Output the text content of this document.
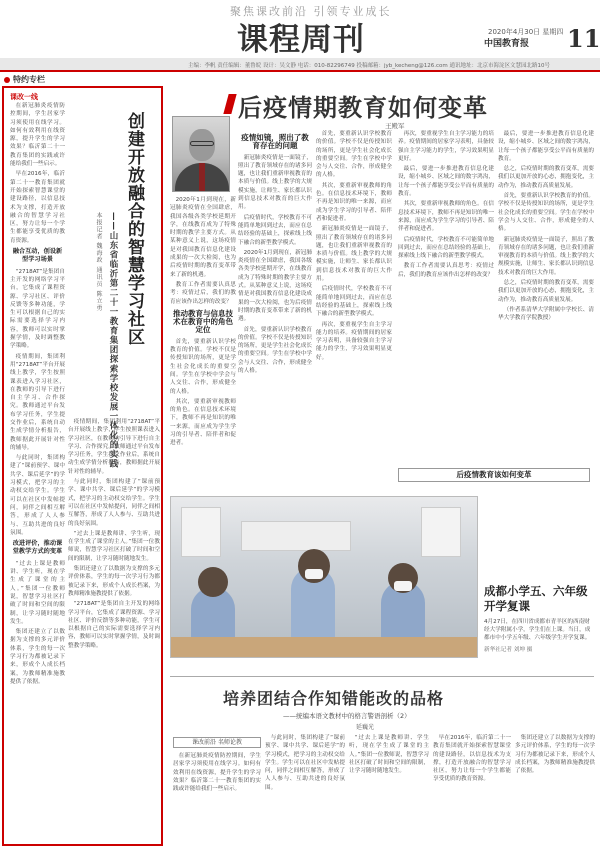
聚焦课改前沿 引领专业成长
课程周刊	2020年4月30日 星期四
中国教育报 11
主编：李帆 责任编辑：董鲁皖 设计：吴文静 电话：010-82296749 投稿邮箱：jyb_kecheng@126.com 通讯地址：北京市海淀区文慧园北路10号
特约专栏
课改一线

在新冠肺炎疫情防控期间，学生居家学习须使用在线学习。如何有效利用在线资源，提升学生的学习效果？临沂第二十一教育集团的实践或许能给我们一些启示。

早在2016年，临沂第二十一教育集团就开始探索智慧课堂的建设路径，以信息技术为支撑，打造开放融合的智慧学习社区，努力让每一个学生都能享受优质的教育资源。

融合互动，创设新型学习场景

“2718AT”是集团自主开发的网络学习平台，它集成了课程资源、学习社区、评价反馈等多种功能，学生可以根据自己的实际需要选择学习内容，教师可以实时掌握学情，及时调整教学策略。

疫情期间，集团利用“2718AT”平台开展线上教学，学生按照课表进入学习社区，在教师的引导下进行自主学习、合作探究。教师通过平台发布学习任务，学生提交作业后，系统自动生成学情分析报告，教师据此开展针对性的辅导。

与此同时，集团构建了“课前预学、课中共学、课后延学”的学习模式，把学习的主动权交给学生。学生可以在社区中发帖提问，同伴之间相互解答，形成了人人参与、互助共进的良好氛围。

改进评价，推动课堂教学方式的变革

“过去上课是教师讲、学生听，现在学生成了课堂的主人。”集团一位教师说，智慧学习社区打破了时间和空间的限制，让学习随时随地发生。

集团还建立了以数据为支撑的多元评价体系，学生的每一次学习行为都被记录下来，形成个人成长档案，为教师精准施教提供了依据。

创建开放融合的智慧学习社区
——山东省临沂第二十一教育集团探索学校发展一体化的实践
本报记者 魏海政 通讯员 陈立勇

疫情期间，集团利用“2718AT”平台开展线上教学，学生按照课表进入学习社区，在教师的引导下进行自主学习、合作探究。教师通过平台发布学习任务，学生提交作业后，系统自动生成学情分析报告，教师据此开展针对性的辅导。

与此同时，集团构建了“课前预学、课中共学、课后延学”的学习模式，把学习的主动权交给学生。学生可以在社区中发帖提问，同伴之间相互解答，形成了人人参与、互助共进的良好氛围。

“过去上课是教师讲、学生听，现在学生成了课堂的主人。”集团一位教师说，智慧学习社区打破了时间和空间的限制，让学习随时随地发生。

集团还建立了以数据为支撑的多元评价体系，学生的每一次学习行为都被记录下来，形成个人成长档案，为教师精准施教提供了依据。

“2718AT”是集团自主开发的网络学习平台，它集成了课程资源、学习社区、评价反馈等多种功能，学生可以根据自己的实际需要选择学习内容，教师可以实时掌握学情，及时调整教学策略。

后疫情期教育如何变革
王殿军

2020年1月到现在，新冠肺炎疫情在全国肆虐，我国各级各类学校延期开学，在线教育成为了特殊时期的教学主要方式。从某种意义上说，这场疫情是对我国教育信息化建设成果的一次大检阅，也为后疫情时期的教育变革带来了新的机遇。

教育工作者需要认真思考：疫情过后，我们的教育应该作出怎样的改变？

推动教育与信息技术在教育中的角色定位

首先，要重新认识学校教育的价值。学校不仅是传授知识的场所，更是学生社会化成长的重要空间。学生在学校中学会与人交往、合作，形成健全的人格。

其次，要重新审视教师的角色。在信息技术环境下，教师不再是知识的唯一来源，而应成为学生学习的引导者、陪伴者和促进者。

疫情如镜，照出了教育存在的问题

新冠肺炎疫情是一面镜子，照出了教育领域存在的诸多问题，也让我们重新审视教育的本质与价值。线上教学的大规模实施，让师生、家长都认识到信息技术对教育的巨大作用。

后疫情时代，学校教育不可能简单地回到过去，而应在总结经验的基础上，探索线上线下融合的新型教学模式。

2020年1月到现在，新冠肺炎疫情在全国肆虐，我国各级各类学校延期开学，在线教育成为了特殊时期的教学主要方式。从某种意义上说，这场疫情是对我国教育信息化建设成果的一次大检阅，也为后疫情时期的教育变革带来了新的机遇。

首先，要重新认识学校教育的价值。学校不仅是传授知识的场所，更是学生社会化成长的重要空间。学生在学校中学会与人交往、合作，形成健全的人格。

首先，要重新认识学校教育的价值。学校不仅是传授知识的场所，更是学生社会化成长的重要空间。学生在学校中学会与人交往、合作，形成健全的人格。

其次，要重新审视教师的角色。在信息技术环境下，教师不再是知识的唯一来源，而应成为学生学习的引导者、陪伴者和促进者。

新冠肺炎疫情是一面镜子，照出了教育领域存在的诸多问题，也让我们重新审视教育的本质与价值。线上教学的大规模实施，让师生、家长都认识到信息技术对教育的巨大作用。

后疫情时代，学校教育不可能简单地回到过去，而应在总结经验的基础上，探索线上线下融合的新型教学模式。

再次，要重视学生自主学习能力的培养。疫情期间的居家学习表明，具备较强自主学习能力的学生，学习效果明显更好。

再次，要重视学生自主学习能力的培养。疫情期间的居家学习表明，具备较强自主学习能力的学生，学习效果明显更好。

最后，要进一步推进教育信息化建设，缩小城乡、区域之间的数字鸿沟，让每一个孩子都能享受公平而有质量的教育。

其次，要重新审视教师的角色。在信息技术环境下，教师不再是知识的唯一来源，而应成为学生学习的引导者、陪伴者和促进者。

后疫情时代，学校教育不可能简单地回到过去，而应在总结经验的基础上，探索线上线下融合的新型教学模式。

教育工作者需要认真思考：疫情过后，我们的教育应该作出怎样的改变？

最后，要进一步推进教育信息化建设，缩小城乡、区域之间的数字鸿沟，让每一个孩子都能享受公平而有质量的教育。

总之，后疫情时期的教育变革，需要我们以更加开放的心态，拥抱变化，主动作为，推动教育高质量发展。

首先，要重新认识学校教育的价值。学校不仅是传授知识的场所，更是学生社会化成长的重要空间。学生在学校中学会与人交往、合作，形成健全的人格。

新冠肺炎疫情是一面镜子，照出了教育领域存在的诸多问题，也让我们重新审视教育的本质与价值。线上教学的大规模实施，让师生、家长都认识到信息技术对教育的巨大作用。

总之，后疫情时期的教育变革，需要我们以更加开放的心态，拥抱变化，主动作为，推动教育高质量发展。

（作者系清华大学附属中学校长、清华大学教育学院教授）

后疫情教育该如何变革
成都小学五、六年级开学复课
4月27日，在四川省成都市青羊区的西南财经大学附属小学，学生们在上课。当日，成都市中小学五年级、六年级学生开学复课。
新华社记者 刘坤 摄
培养团结合作知错能改的品格
——统编本语文教材中的格言警语剖析（2）
延巍光
课改前沿 名师论教

在新冠肺炎疫情防控期间，学生居家学习须使用在线学习。如何有效利用在线资源，提升学生的学习效果？临沂第二十一教育集团的实践或许能给我们一些启示。

与此同时，集团构建了“课前预学、课中共学、课后延学”的学习模式，把学习的主动权交给学生。学生可以在社区中发帖提问，同伴之间相互解答，形成了人人参与、互助共进的良好氛围。

“过去上课是教师讲、学生听，现在学生成了课堂的主人。”集团一位教师说，智慧学习社区打破了时间和空间的限制，让学习随时随地发生。

早在2016年，临沂第二十一教育集团就开始探索智慧课堂的建设路径，以信息技术为支撑，打造开放融合的智慧学习社区，努力让每一个学生都能享受优质的教育资源。

集团还建立了以数据为支撑的多元评价体系，学生的每一次学习行为都被记录下来，形成个人成长档案，为教师精准施教提供了依据。
